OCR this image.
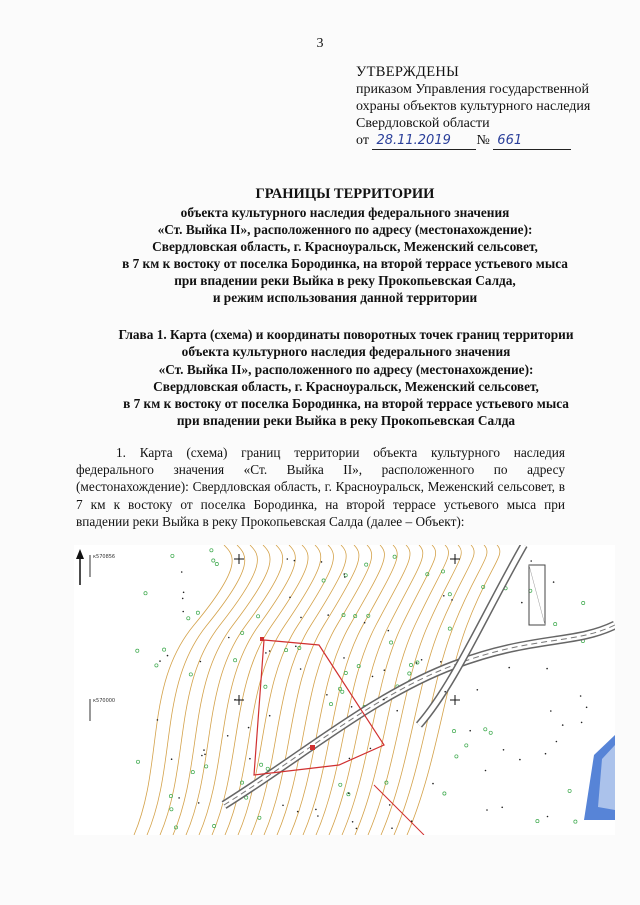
3
УТВЕРЖДЕНЫ
приказом Управления государственной
охраны объектов культурного наследия
Свердловской области
от 28.11.2019 № 661
ГРАНИЦЫ ТЕРРИТОРИИ
объекта культурного наследия федерального значения
«Ст. Выйка II», расположенного по адресу (местонахождение):
Свердловская область, г. Красноуральск, Меженский сельсовет,
в 7 км к востоку от поселка Бородинка, на второй террасе устьевого мыса
при впадении реки Выйка в реку Прокопьевская Салда,
и режим использования данной территории
Глава 1. Карта (схема) и координаты поворотных точек границ территории
объекта культурного наследия федерального значения
«Ст. Выйка II», расположенного по адресу (местонахождение):
Свердловская область, г. Красноуральск, Меженский сельсовет,
в 7 км к востоку от поселка Бородинка, на второй террасе устьевого мыса
при впадении реки Выйка в реку Прокопьевская Салда
1. Карта (схема) границ территории объекта культурного наследия федерального значения «Ст. Выйка II», расположенного по адресу (местонахождение): Свердловская область, г. Красноуральск, Меженский сельсовет, в 7 км к востоку от поселка Бородинка, на второй террасе устьевого мыса при впадении реки Выйка в реку Прокопьевская Салда (далее – Объект):
к570856
к570000
